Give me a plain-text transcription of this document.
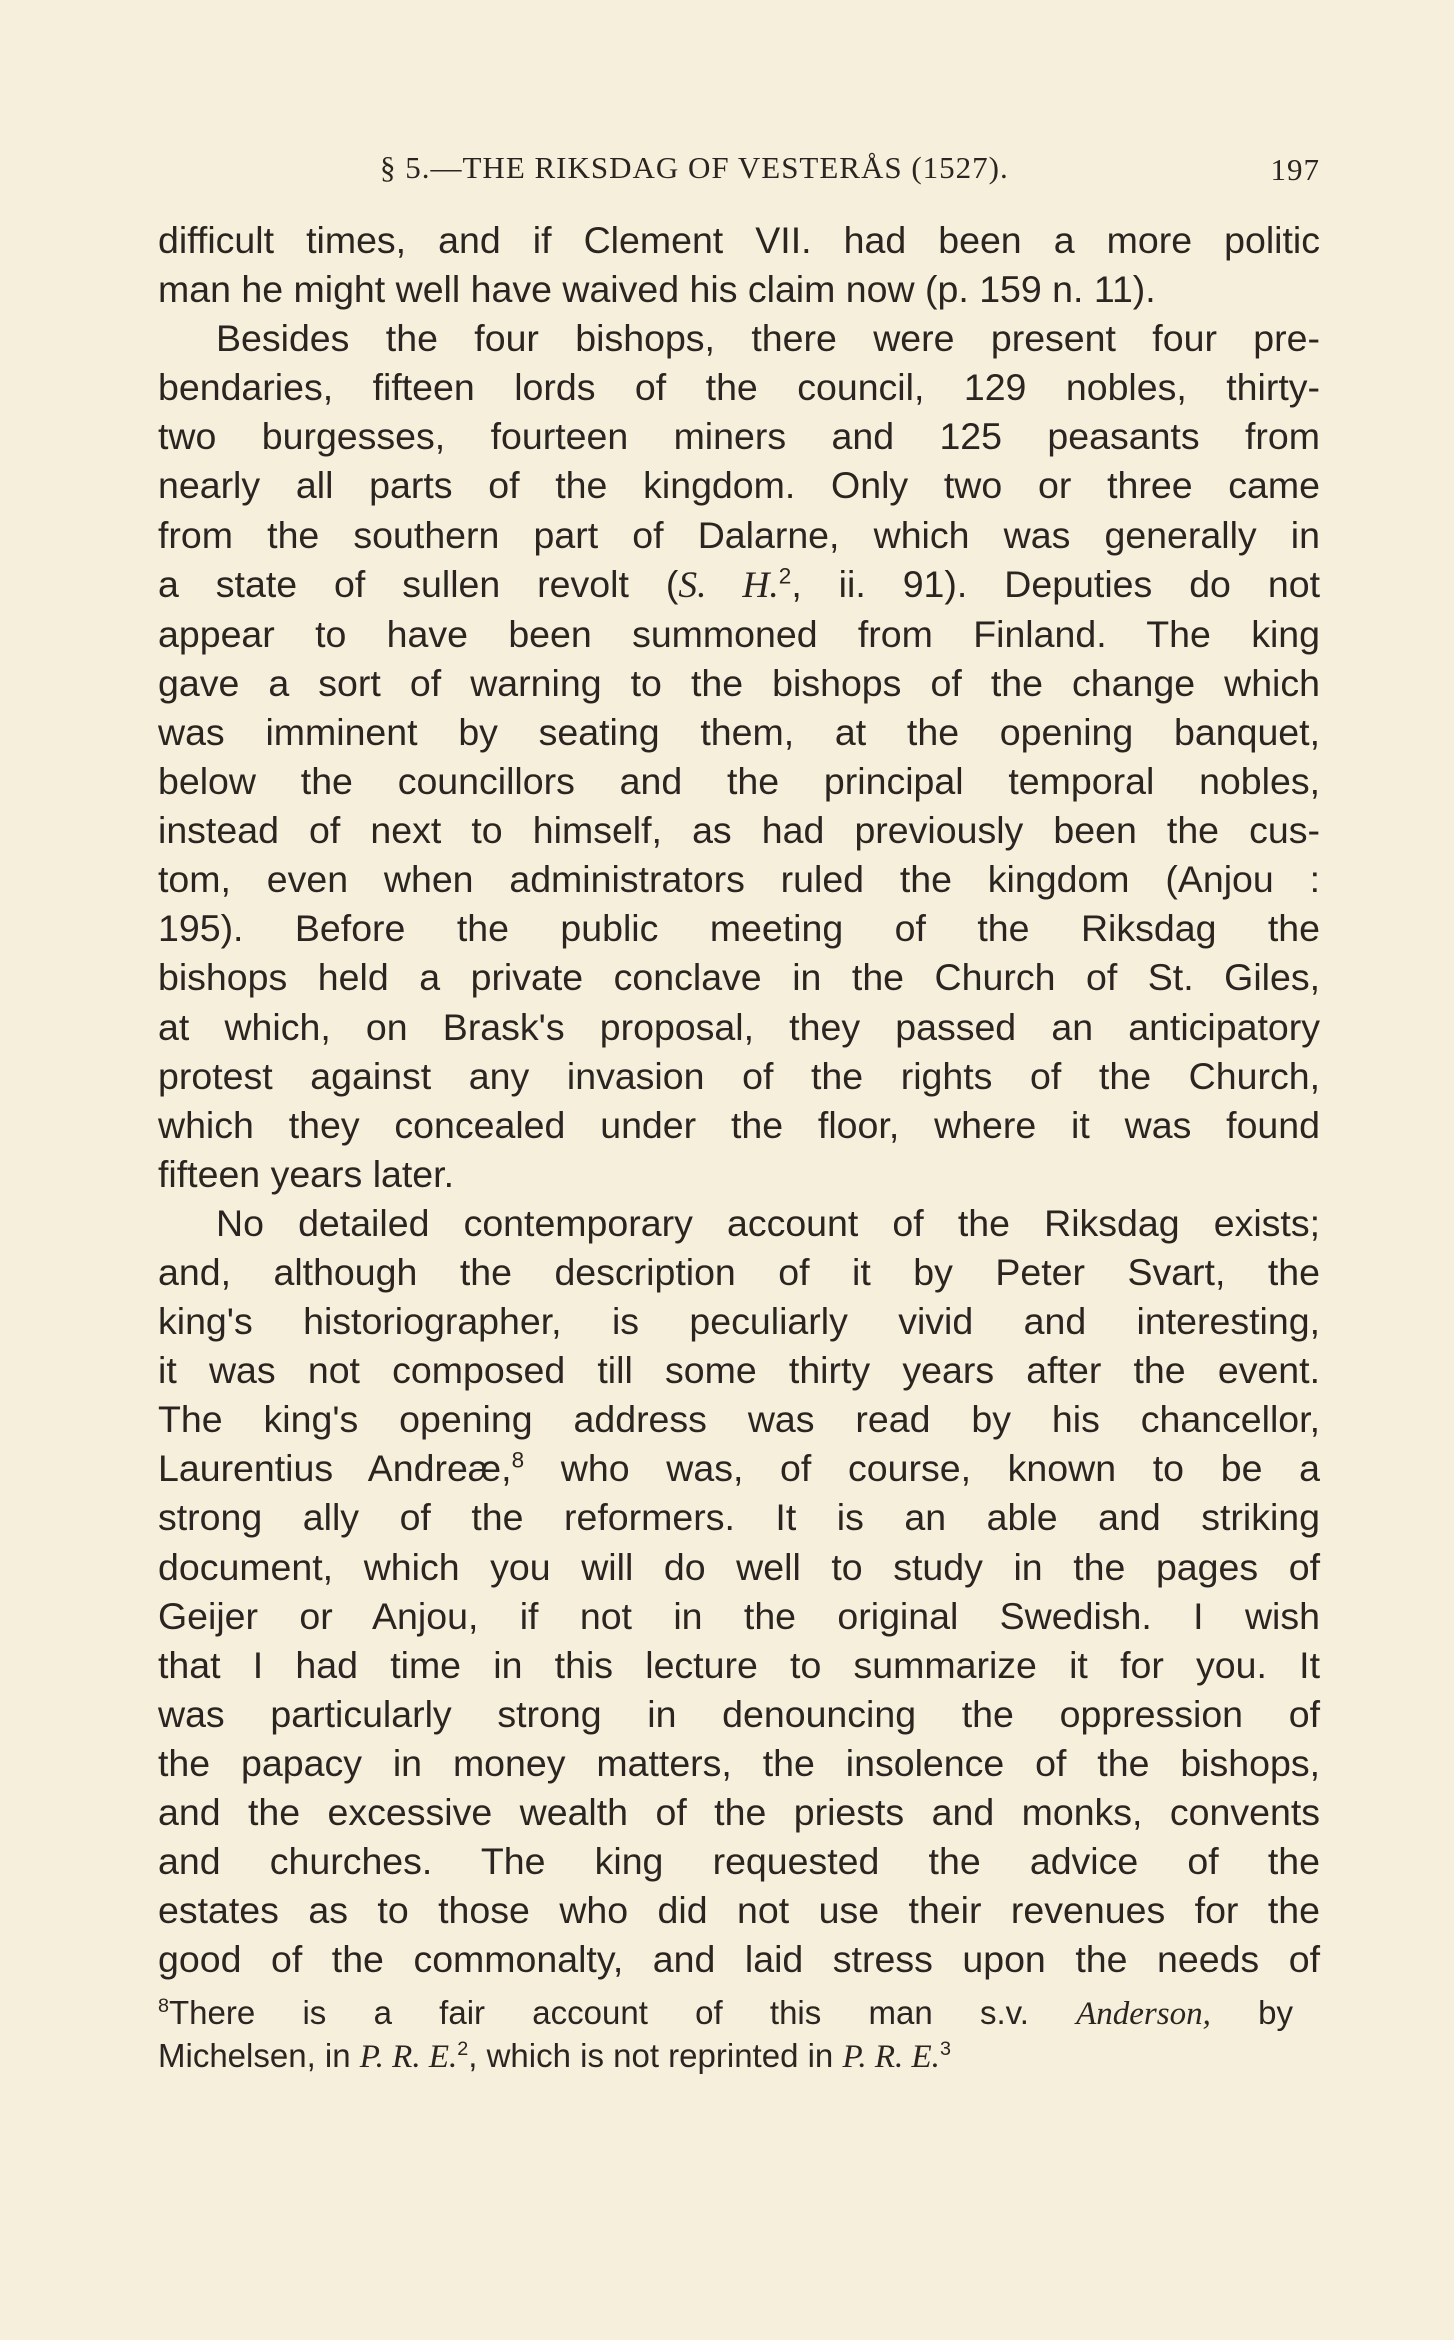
§ 5.—THE RIKSDAG OF VESTERÅS (1527).	197

difficult times, and if Clement VII. had been a more politic
man he might well have waived his claim now (p. 159 n. 11).

Besides the four bishops, there were present four pre-
bendaries, fifteen lords of the council, 129 nobles, thirty-
two burgesses, fourteen miners and 125 peasants from
nearly all parts of the kingdom. Only two or three came
from the southern part of Dalarne, which was generally in
a state of sullen revolt (S. H.$^2$, ii. 91). Deputies do not
appear to have been summoned from Finland. The king
gave a sort of warning to the bishops of the change which
was imminent by seating them, at the opening banquet,
below the councillors and the principal temporal nobles,
instead of next to himself, as had previously been the cus-
tom, even when administrators ruled the kingdom (Anjou :
195). Before the public meeting of the Riksdag the
bishops held a private conclave in the Church of St. Giles,
at which, on Brask's proposal, they passed an anticipatory
protest against any invasion of the rights of the Church,
which they concealed under the floor, where it was found
fifteen years later.

No detailed contemporary account of the Riksdag exists;
and, although the description of it by Peter Svart, the
king's historiographer, is peculiarly vivid and interesting,
it was not composed till some thirty years after the event.
The king's opening address was read by his chancellor,
Laurentius Andreæ,$^8$ who was, of course, known to be a
strong ally of the reformers. It is an able and striking
document, which you will do well to study in the pages of
Geijer or Anjou, if not in the original Swedish. I wish
that I had time in this lecture to summarize it for you. It
was particularly strong in denouncing the oppression of
the papacy in money matters, the insolence of the bishops,
and the excessive wealth of the priests and monks, convents
and churches. The king requested the advice of the
estates as to those who did not use their revenues for the
good of the commonalty, and laid stress upon the needs of

$^8$There is a fair account of this man s.v. Anderson, by
Michelsen, in P. R. E.$^2$, which is not reprinted in P. R. E.$^3$
